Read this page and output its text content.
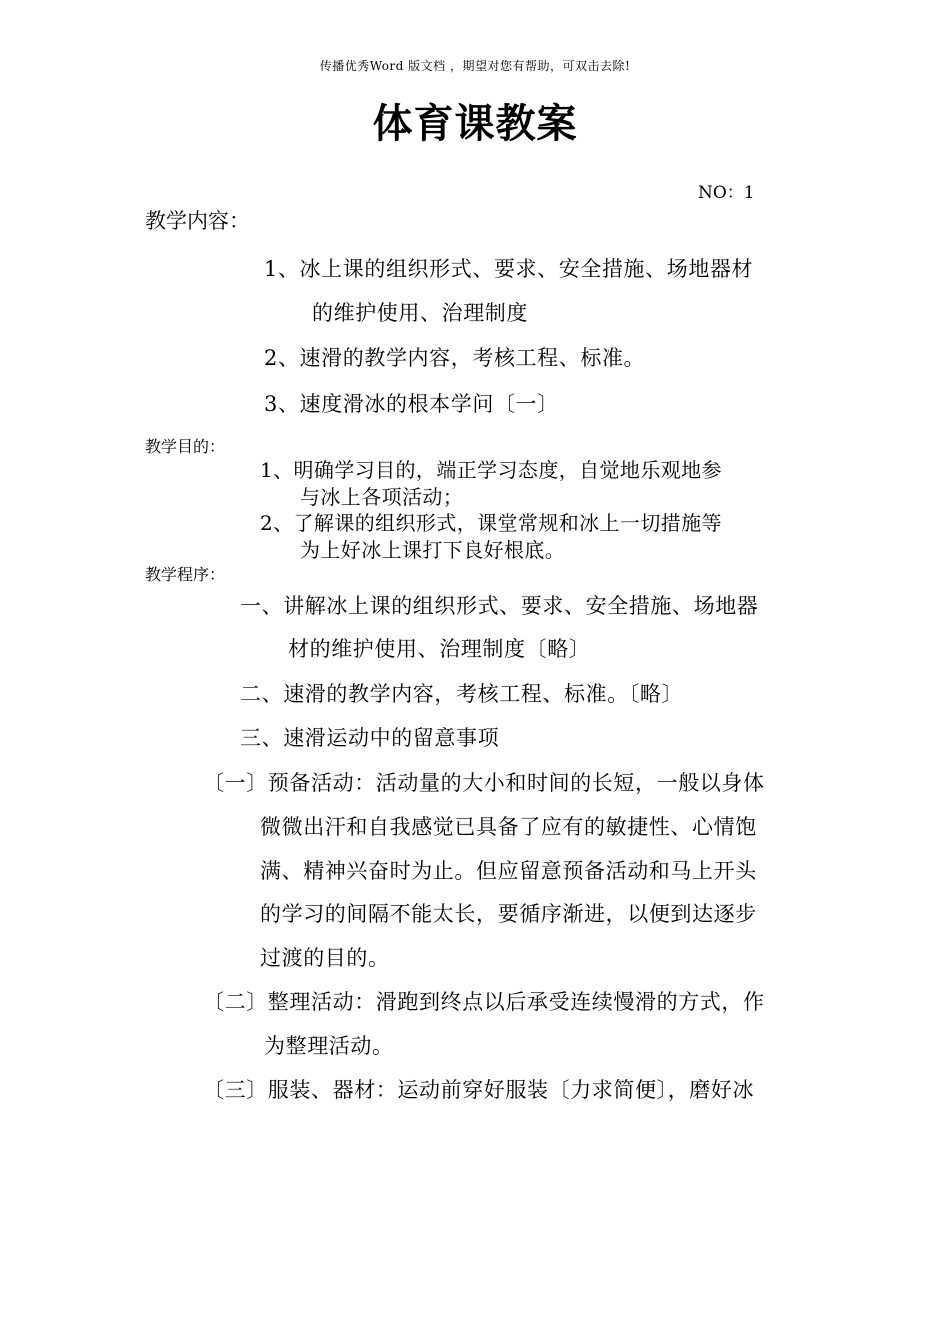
传播优秀Word 版文档 ，期望对您有帮助，可双击去除!
体育课教案
NO：1
教学内容：
1、冰上课的组织形式、要求、安全措施、场地器材
的维护使用、治理制度
2、速滑的教学内容，考核工程、标准。
3、速度滑冰的根本学问〔一〕
教学目的：
1、明确学习目的，端正学习态度，自觉地乐观地参
与冰上各项活动；
2、了解课的组织形式，课堂常规和冰上一切措施等
为上好冰上课打下良好根底。
教学程序：
一、讲解冰上课的组织形式、要求、安全措施、场地器
材的维护使用、治理制度〔略〕
二、速滑的教学内容，考核工程、标准。〔略〕
三、速滑运动中的留意事项
〔一〕预备活动：活动量的大小和时间的长短，一般以身体
微微出汗和自我感觉已具备了应有的敏捷性、心情饱
满、精神兴奋时为止。但应留意预备活动和马上开头
的学习的间隔不能太长，要循序渐进，以便到达逐步
过渡的目的。
〔二〕整理活动：滑跑到终点以后承受连续慢滑的方式，作
为整理活动。
〔三〕服装、器材：运动前穿好服装〔力求简便〕，磨好冰
